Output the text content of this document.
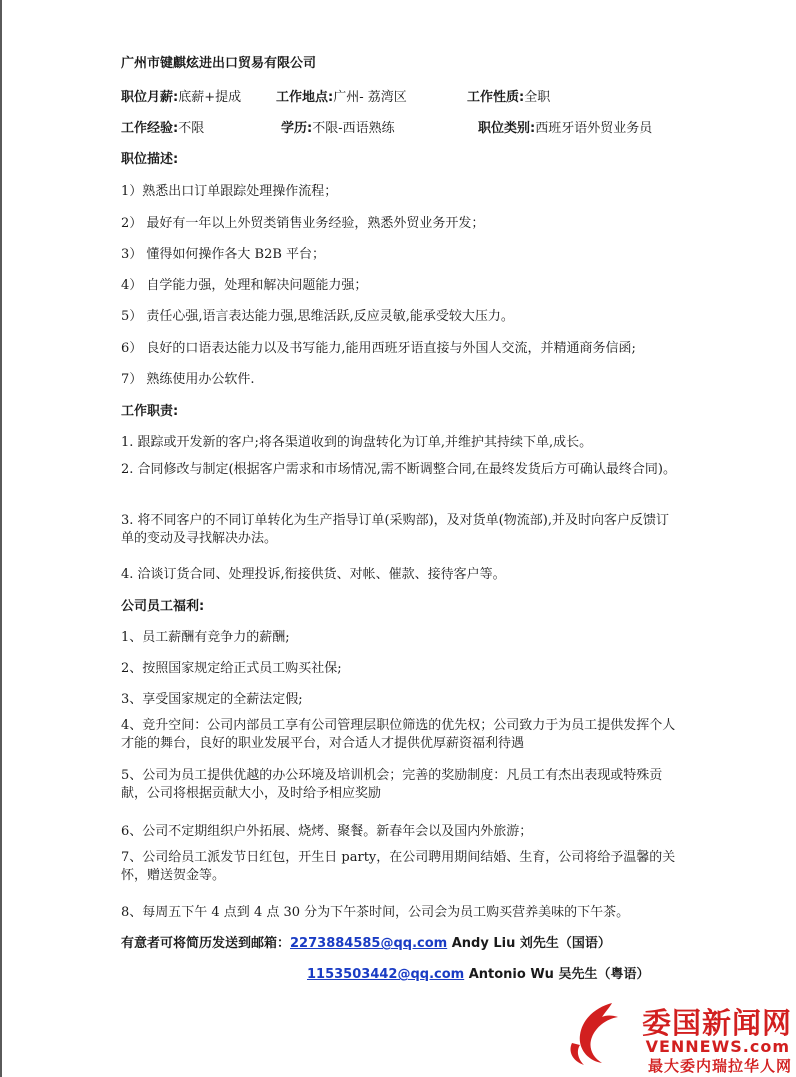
广州市键麒炫进出口贸易有限公司
职位月薪:底薪+提成	工作地点:广州- 荔湾区	工作性质:全职
工作经验:不限	学历:不限-西语熟练	职位类别:西班牙语外贸业务员
职位描述:
1）熟悉出口订单跟踪处理操作流程；
2） 最好有一年以上外贸类销售业务经验，熟悉外贸业务开发；
3） 懂得如何操作各大 B2B 平台；
4） 自学能力强，处理和解决问题能力强；
5） 责任心强,语言表达能力强,思维活跃,反应灵敏,能承受较大压力。
6） 良好的口语表达能力以及书写能力,能用西班牙语直接与外国人交流，并精通商务信函;
7） 熟练使用办公软件.
工作职责:
1. 跟踪或开发新的客户;将各渠道收到的询盘转化为订单,并维护其持续下单,成长。
2. 合同修改与制定(根据客户需求和市场情况,需不断调整合同,在最终发货后方可确认最终合同)。
3. 将不同客户的不同订单转化为生产指导订单(采购部)，及对货单(物流部),并及时向客户反馈订单的变动及寻找解决办法。
4. 洽谈订货合同、处理投诉,衔接供货、对帐、催款、接待客户等。
公司员工福利:
1、员工薪酬有竞争力的薪酬;
2、按照国家规定给正式员工购买社保;
3、享受国家规定的全薪法定假;
4、竞升空间：公司内部员工享有公司管理层职位筛选的优先权；公司致力于为员工提供发挥个人才能的舞台，良好的职业发展平台，对合适人才提供优厚薪资福利待遇
5、公司为员工提供优越的办公环境及培训机会；完善的奖励制度：凡员工有杰出表现或特殊贡献，公司将根据贡献大小，及时给予相应奖励
6、公司不定期组织户外拓展、烧烤、聚餐。新春年会以及国内外旅游；
7、公司给员工派发节日红包，开生日 party，在公司聘用期间结婚、生育，公司将给予温馨的关怀，赠送贺金等。
8、每周五下午 4 点到 4 点 30 分为下午茶时间，公司会为员工购买营养美味的下午茶。
有意者可将简历发送到邮箱：2273884585@qq.com Andy Liu 刘先生（国语）
1153503442@qq.com Antonio Wu 吴先生（粤语）
委国新闻网
VENNEWS.com
最大委内瑞拉华人网
